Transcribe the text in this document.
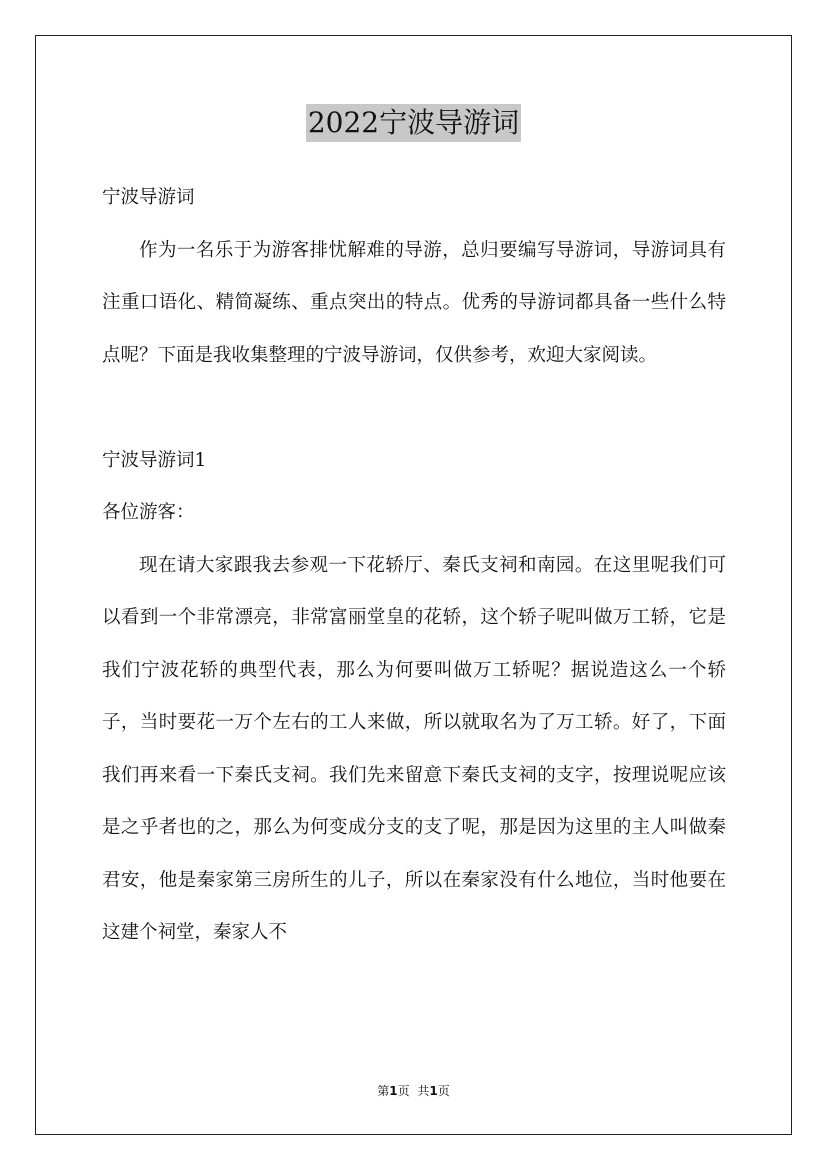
2022宁波导游词

宁波导游词

作为一名乐于为游客排忧解难的导游，总归要编写导游词，导游词具有注重口语化、精简凝练、重点突出的特点。优秀的导游词都具备一些什么特点呢？下面是我收集整理的宁波导游词，仅供参考，欢迎大家阅读。

宁波导游词1

各位游客：

现在请大家跟我去参观一下花轿厅、秦氏支祠和南园。在这里呢我们可以看到一个非常漂亮，非常富丽堂皇的花轿，这个轿子呢叫做万工轿，它是我们宁波花轿的典型代表，那么为何要叫做万工轿呢？据说造这么一个轿子，当时要花一万个左右的工人来做，所以就取名为了万工轿。好了，下面我们再来看一下秦氏支祠。我们先来留意下秦氏支祠的支字，按理说呢应该是之乎者也的之，那么为何变成分支的支了呢，那是因为这里的主人叫做秦君安，他是秦家第三房所生的儿子，所以在秦家没有什么地位，当时他要在这建个祠堂，秦家人不

第1页 共1页
